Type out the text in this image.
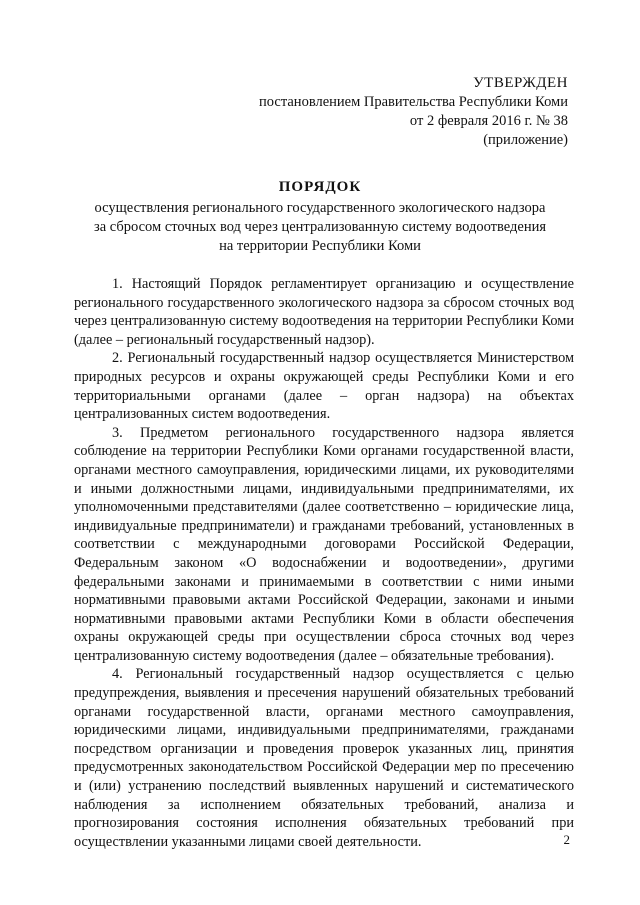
УТВЕРЖДЕН
постановлением Правительства Республики Коми
от 2 февраля 2016 г. № 38
(приложение)
ПОРЯДОК
осуществления регионального государственного экологического надзора
за сбросом сточных вод через централизованную систему водоотведения
на территории Республики Коми

1. Настоящий Порядок регламентирует организацию и осуществление регионального государственного экологического надзора за сбросом сточных вод через централизованную систему водоотведения на территории Республики Коми (далее – региональный государственный надзор).

2. Региональный государственный надзор осуществляется Министерством природных ресурсов и охраны окружающей среды Республики Коми и его территориальными органами (далее – орган надзора) на объектах централизованных систем водоотведения.

3. Предметом регионального государственного надзора является соблюдение на территории Республики Коми органами государственной власти, органами местного самоуправления, юридическими лицами, их руководителями и иными должностными лицами, индивидуальными предпринимателями, их уполномоченными представителями (далее соответственно – юридические лица, индивидуальные предприниматели) и гражданами требований, установленных в соответствии с международными договорами Российской Федерации, Федеральным законом «О водоснабжении и водоотведении», другими федеральными законами и принимаемыми в соответствии с ними иными нормативными правовыми актами Российской Федерации, законами и иными нормативными правовыми актами Республики Коми в области обеспечения охраны окружающей среды при осуществлении сброса сточных вод через централизованную систему водоотведения (далее – обязательные требования).

4. Региональный государственный надзор осуществляется с целью предупреждения, выявления и пресечения нарушений обязательных требований органами государственной власти, органами местного самоуправления, юридическими лицами, индивидуальными предпринимателями, гражданами посредством организации и проведения проверок указанных лиц, принятия предусмотренных законодательством Российской Федерации мер по пресечению и (или) устранению последствий выявленных нарушений и систематического наблюдения за исполнением обязательных требований, анализа и прогнозирования состояния исполнения обязательных требований при осуществлении указанными лицами своей деятельности.	2
